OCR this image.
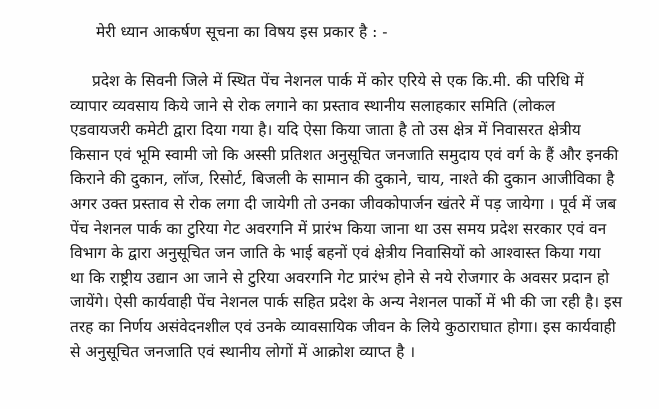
मेरी ध्यान आकर्षण सूचना का विषय इस प्रकार है : -
प्रदेश के सिवनी जिले में स्थित पेंच नेशनल पार्क में कोर एरिये से एक कि.मी. की परिधि में
व्यापार व्यवसाय किये जाने से रोक लगाने का प्रस्ताव स्थानीय सलाहकार समिति (लोकल
एडवायजरी कमेटी द्वारा दिया गया है। यदि ऐसा किया जाता है तो उस क्षेत्र में निवासरत क्षेत्रीय
किसान एवं भूमि स्वामी जो कि अस्सी प्रतिशत अनुसूचित जनजाति समुदाय एवं वर्ग के हैं और इनकी
किराने की दुकान, लाॅज, रिसोर्ट, बिजली के सामान की दुकाने, चाय, नाश्ते की दुकान आजीविका है
अगर उक्त प्रस्ताव से रोक लगा दी जायेगी तो उनका जीवकोपार्जन खंतरे में पड़ जायेगा । पूर्व में जब
पेंच नेशनल पार्क का टुरिया गेट अवरगनि में प्रारंभ किया जाना था उस समय प्रदेश सरकार एवं वन
विभाग के द्वारा अनुसूचित जन जाति के भाई बहनों एवं क्षेत्रीय निवासियों को आश्वास्त किया गया
था कि राष्ट्रीय उद्यान आ जाने से टुरिया अवरगनि गेट प्रारंभ होने से नये रोजगार के अवसर प्रदान हो
जायेंगे। ऐसी कार्यवाही पेंच नेशनल पार्क सहित प्रदेश के अन्य नेशनल पार्को में भी की जा रही है। इस
तरह का निर्णय असंवेदनशील एवं उनके व्यावसायिक जीवन के लिये कुठाराघात होगा। इस कार्यवाही
से अनुसूचित जनजाति एवं स्थानीय लोगों में आक्रोश व्याप्त है ।
